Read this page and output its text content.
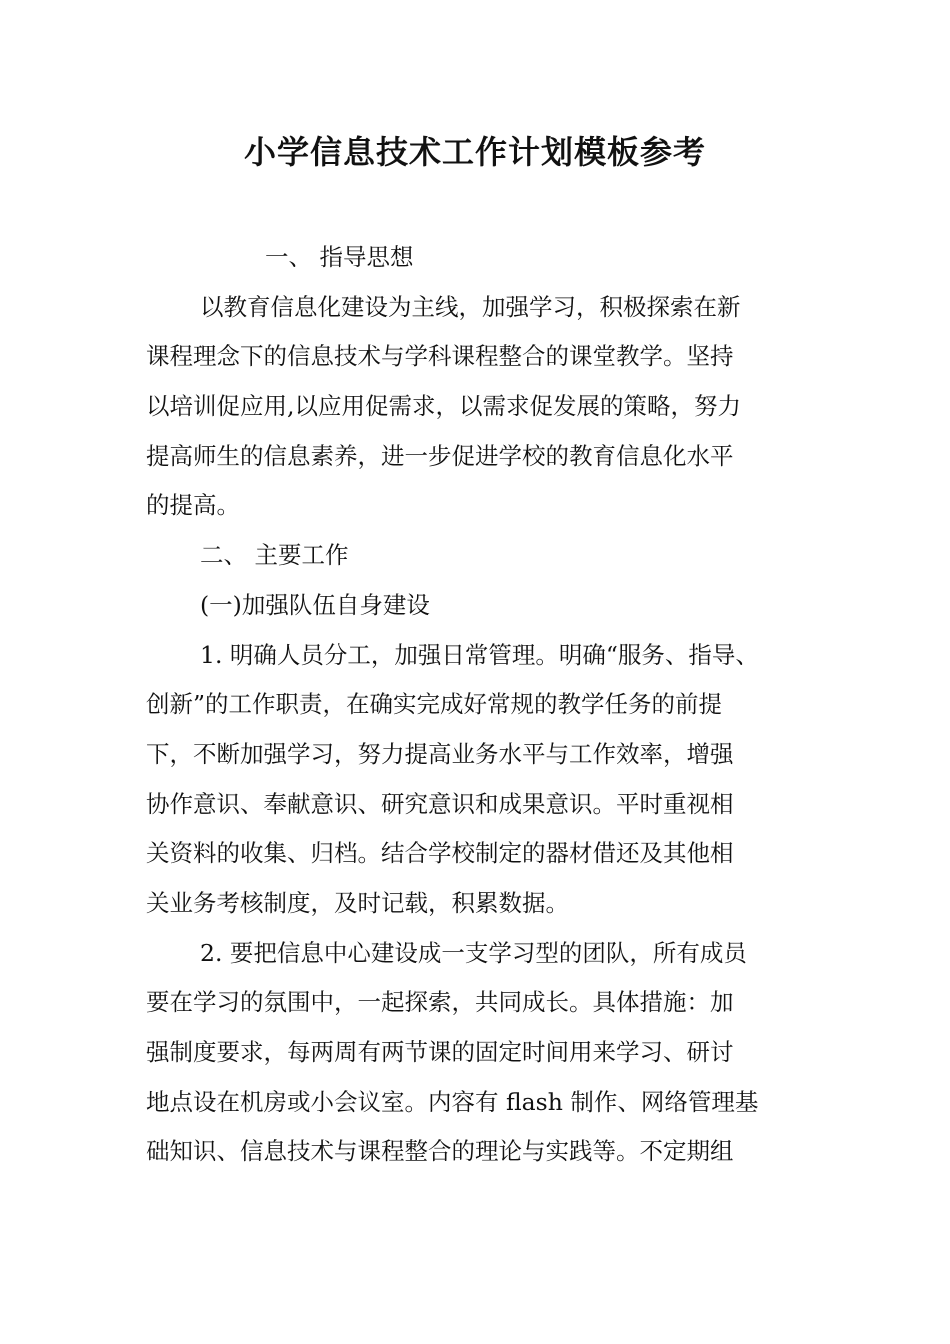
小学信息技术工作计划模板参考
一、 指导思想
以教育信息化建设为主线，加强学习，积极探索在新
课程理念下的信息技术与学科课程整合的课堂教学。坚持
以培训促应用,以应用促需求，以需求促发展的策略，努力
提高师生的信息素养，进一步促进学校的教育信息化水平
的提高。
二、 主要工作
(一)加强队伍自身建设
1. 明确人员分工，加强日常管理。明确“服务、指导、
创新”的工作职责，在确实完成好常规的教学任务的前提
下，不断加强学习，努力提高业务水平与工作效率，增强
协作意识、奉献意识、研究意识和成果意识。平时重视相
关资料的收集、归档。结合学校制定的器材借还及其他相
关业务考核制度，及时记载，积累数据。
2. 要把信息中心建设成一支学习型的团队，所有成员
要在学习的氛围中，一起探索，共同成长。具体措施：加
强制度要求，每两周有两节课的固定时间用来学习、研讨
地点设在机房或小会议室。内容有 flash 制作、网络管理基
础知识、信息技术与课程整合的理论与实践等。不定期组
